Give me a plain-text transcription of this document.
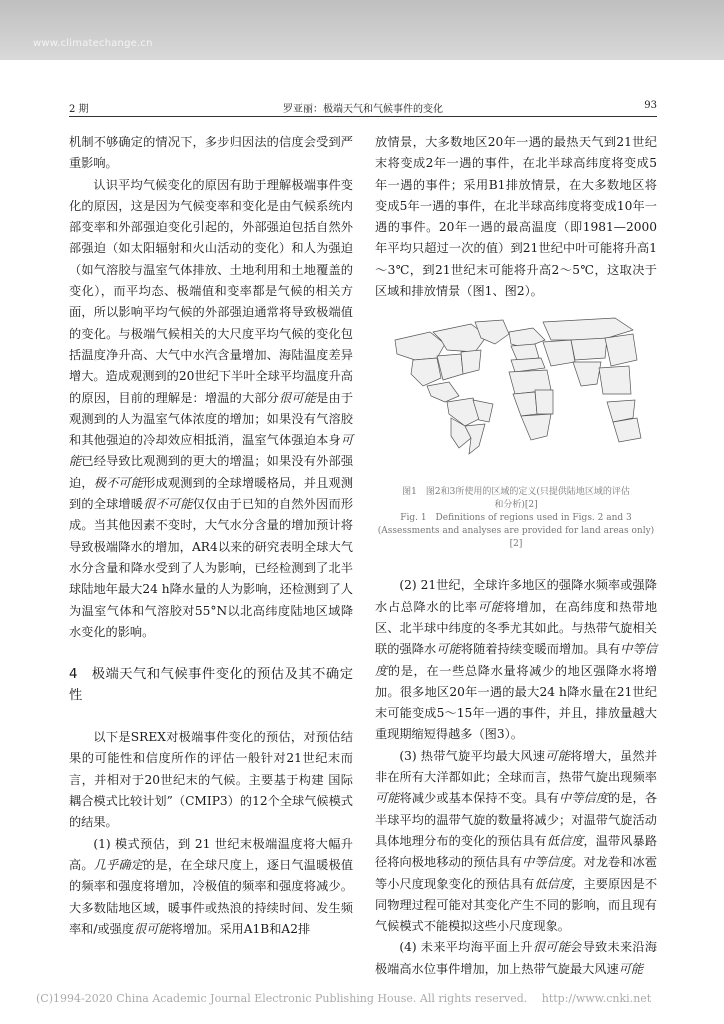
www.climatechange.cn
2 期	罗亚丽：极端天气和气候事件的变化	93

机制不够确定的情况下，多步归因法的信度会受到严重影响。

认识平均气候变化的原因有助于理解极端事件变化的原因，这是因为气候变率和变化是由气候系统内部变率和外部强迫变化引起的，外部强迫包括自然外部强迫（如太阳辐射和火山活动的变化）和人为强迫（如气溶胶与温室气体排放、土地利用和土地覆盖的变化），而平均态、极端值和变率都是气候的相关方面，所以影响平均气候的外部强迫通常将导致极端值的变化。与极端气候相关的大尺度平均气候的变化包括温度净升高、大气中水汽含量增加、海陆温度差异增大。造成观测到的20世纪下半叶全球平均温度升高的原因，目前的理解是：增温的大部分很可能是由于观测到的人为温室气体浓度的增加；如果没有气溶胶和其他强迫的冷却效应相抵消，温室气体强迫本身可能已经导致比观测到的更大的增温；如果没有外部强迫，极不可能形成观测到的全球增暖格局，并且观测到的全球增暖很不可能仅仅由于已知的自然外因而形成。当其他因素不变时，大气水分含量的增加预计将导致极端降水的增加，AR4以来的研究表明全球大气水分含量和降水受到了人为影响，已经检测到了北半球陆地年最大24 h降水量的人为影响，还检测到了人为温室气体和气溶胶对55°N以北高纬度陆地区域降水变化的影响。

4　极端天气和气候事件变化的预估及其不确定性

以下是SREX对极端事件变化的预估，对预估结果的可能性和信度所作的评估一般针对21世纪末而言，并相对于20世纪末的气候。主要基于构建 国际耦合模式比较计划”（CMIP3）的12个全球气候模式的结果。

(1) 模式预估，到 21 世纪末极端温度将大幅升高。几乎确定的是，在全球尺度上，逐日气温暖极值的频率和强度将增加，冷极值的频率和强度将减少。大多数陆地区域，暖事件或热浪的持续时间、发生频率和/或强度很可能将增加。采用A1B和A2排

放情景，大多数地区20年一遇的最热天气到21世纪末将变成2年一遇的事件，在北半球高纬度将变成5年一遇的事件；采用B1排放情景，在大多数地区将变成5年一遇的事件，在北半球高纬度将变成10年一遇的事件。20年一遇的最高温度（即1981—2000年平均只超过一次的值）到21世纪中叶可能将升高1～3℃，到21世纪末可能将升高2～5℃，这取决于区域和排放情景（图1、图2）。

图1　图2和3所使用的区域的定义(只提供陆地区域的评估

和分析)[2]

Fig. 1　Definitions of regions used in Figs. 2 and 3

(Assessments and analyses are provided for land areas only)[2]

(2) 21世纪，全球许多地区的强降水频率或强降水占总降水的比率可能将增加，在高纬度和热带地区、北半球中纬度的冬季尤其如此。与热带气旋相关联的强降水可能将随着持续变暖而增加。具有中等信度的是，在一些总降水量将减少的地区强降水将增加。很多地区20年一遇的最大24 h降水量在21世纪末可能变成5～15年一遇的事件，并且，排放量越大重现期缩短得越多（图3）。

(3) 热带气旋平均最大风速可能将增大，虽然并非在所有大洋都如此；全球而言，热带气旋出现频率可能将减少或基本保持不变。具有中等信度的是，各半球平均的温带气旋的数量将减少；对温带气旋活动具体地理分布的变化的预估具有低信度，温带风暴路径将向极地移动的预估具有中等信度。对龙卷和冰雹等小尺度现象变化的预估具有低信度，主要原因是不同物理过程可能对其变化产生不同的影响，而且现有气候模式不能模拟这些小尺度现象。

(4) 未来平均海平面上升很可能会导致未来沿海极端高水位事件增加，加上热带气旋最大风速可能

(C)1994-2020 China Academic Journal Electronic Publishing House. All rights reserved.　 http://www.cnki.net
